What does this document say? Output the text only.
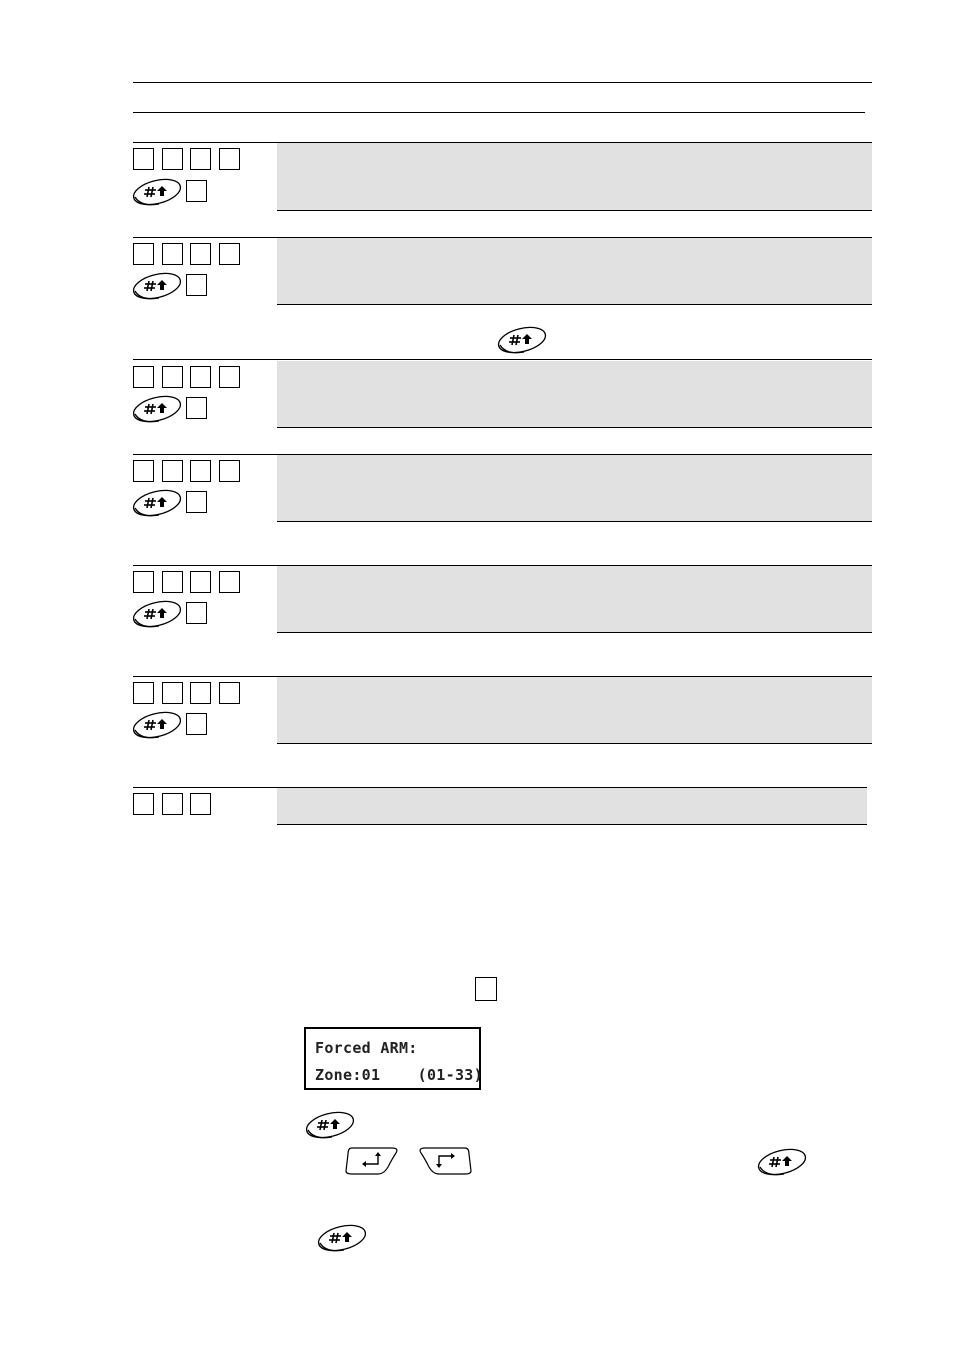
Forced ARM:
Zone:01    (01-33)
